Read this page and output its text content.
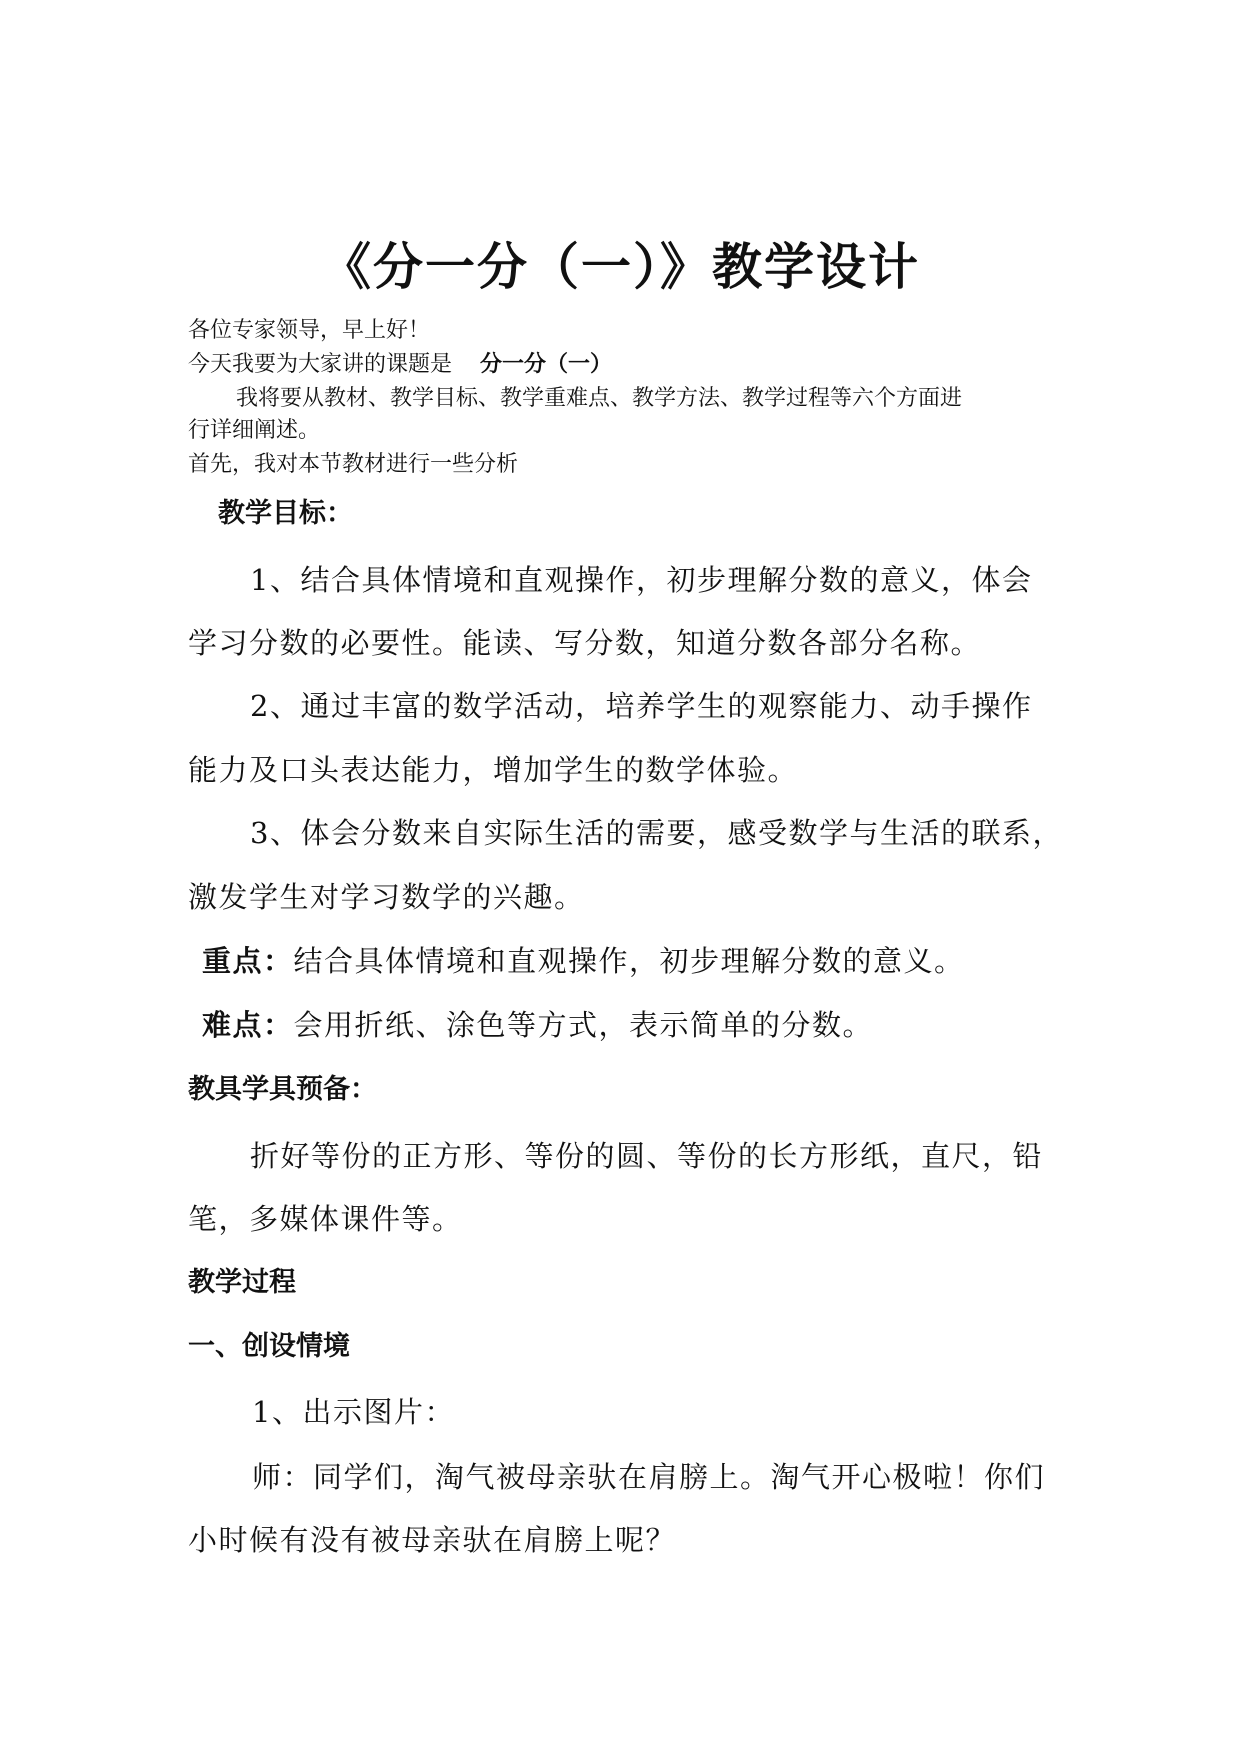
《分一分（一）》教学设计
各位专家领导，早上好！
今天我要为大家讲的课题是 分一分（一）
我将要从教材、教学目标、教学重难点、教学方法、教学过程等六个方面进
行详细阐述。
首先，我对本节教材进行一些分析
教学目标：
1、结合具体情境和直观操作，初步理解分数的意义，体会
学习分数的必要性。能读、写分数，知道分数各部分名称。
2、通过丰富的数学活动，培养学生的观察能力、动手操作
能力及口头表达能力，增加学生的数学体验。
3、体会分数来自实际生活的需要，感受数学与生活的联系，
激发学生对学习数学的兴趣。
重点：结合具体情境和直观操作，初步理解分数的意义。
难点：会用折纸、涂色等方式，表示简单的分数。
教具学具预备：
折好等份的正方形、等份的圆、等份的长方形纸，直尺，铅
笔，多媒体课件等。
教学过程
一、创设情境
1、出示图片：
师：同学们，淘气被母亲驮在肩膀上。淘气开心极啦！你们
小时候有没有被母亲驮在肩膀上呢？
